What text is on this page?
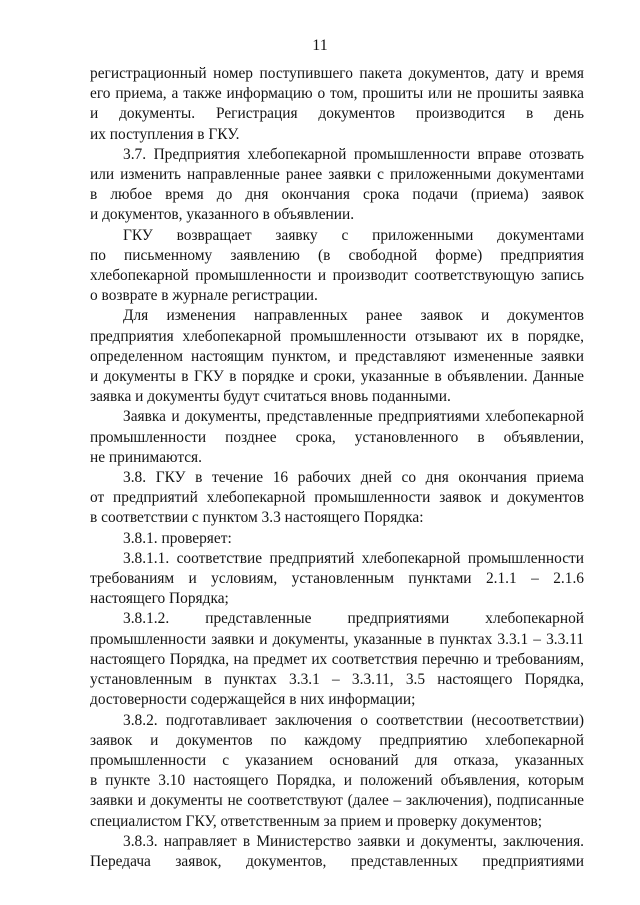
11
регистрационный номер поступившего пакета документов, дату и время
его приема, а также информацию о том, прошиты или не прошиты заявка
и документы. Регистрация документов производится в день
их поступления в ГКУ.
3.7. Предприятия хлебопекарной промышленности вправе отозвать
или изменить направленные ранее заявки с приложенными документами
в любое время до дня окончания срока подачи (приема) заявок
и документов, указанного в объявлении.
ГКУ возвращает заявку с приложенными документами
по письменному заявлению (в свободной форме) предприятия
хлебопекарной промышленности и производит соответствующую запись
о возврате в журнале регистрации.
Для изменения направленных ранее заявок и документов
предприятия хлебопекарной промышленности отзывают их в порядке,
определенном настоящим пунктом, и представляют измененные заявки
и документы в ГКУ в порядке и сроки, указанные в объявлении. Данные
заявка и документы будут считаться вновь поданными.
Заявка и документы, представленные предприятиями хлебопекарной
промышленности позднее срока, установленного в объявлении,
не принимаются.
3.8. ГКУ в течение 16 рабочих дней со дня окончания приема
от предприятий хлебопекарной промышленности заявок и документов
в соответствии с пунктом 3.3 настоящего Порядка:
3.8.1. проверяет:
3.8.1.1. соответствие предприятий хлебопекарной промышленности
требованиям и условиям, установленным пунктами 2.1.1 – 2.1.6
настоящего Порядка;
3.8.1.2. представленные предприятиями хлебопекарной
промышленности заявки и документы, указанные в пунктах 3.3.1 – 3.3.11
настоящего Порядка, на предмет их соответствия перечню и требованиям,
установленным в пунктах 3.3.1 – 3.3.11, 3.5 настоящего Порядка,
достоверности содержащейся в них информации;
3.8.2. подготавливает заключения о соответствии (несоответствии)
заявок и документов по каждому предприятию хлебопекарной
промышленности с указанием оснований для отказа, указанных
в пункте 3.10 настоящего Порядка, и положений объявления, которым
заявки и документы не соответствуют (далее – заключения), подписанные
специалистом ГКУ, ответственным за прием и проверку документов;
3.8.3. направляет в Министерство заявки и документы, заключения.
Передача заявок, документов, представленных предприятиями
